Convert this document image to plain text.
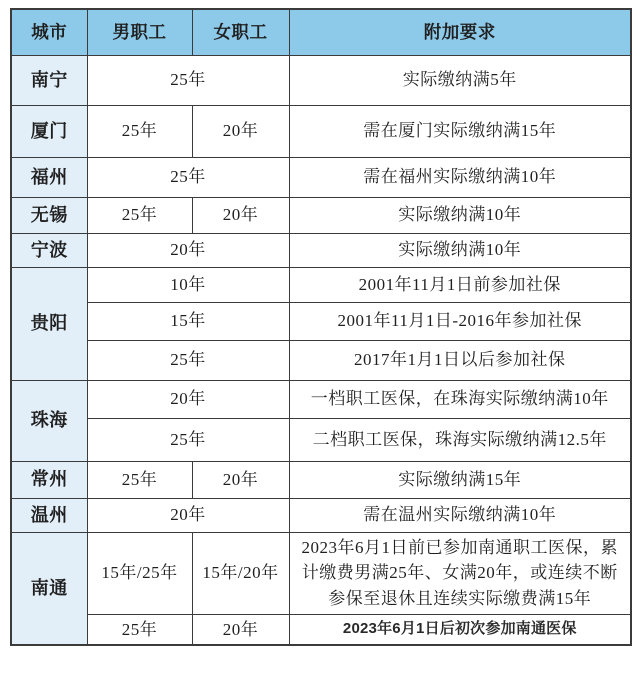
城市	男职工	女职工	附加要求
南宁	25年		实际缴纳满5年
厦门	25年	20年	需在厦门实际缴纳满15年
福州	25年		需在福州实际缴纳满10年
无锡	25年	20年	实际缴纳满10年
宁波	20年		实际缴纳满10年
贵阳	10年		2001年11月1日前参加社保
	15年		2001年11月1日-2016年参加社保
	25年		2017年1月1日以后参加社保
珠海	20年		一档职工医保，在珠海实际缴纳满10年
	25年		二档职工医保，珠海实际缴纳满12.5年
常州	25年	20年	实际缴纳满15年
温州	20年		需在温州实际缴纳满10年
南通	15年/25年	15年/20年	2023年6月1日前已参加南通职工医保，累计缴费男满25年、女满20年，或连续不断参保至退休且连续实际缴费满15年
	25年	20年	2023年6月1日后初次参加南通医保
